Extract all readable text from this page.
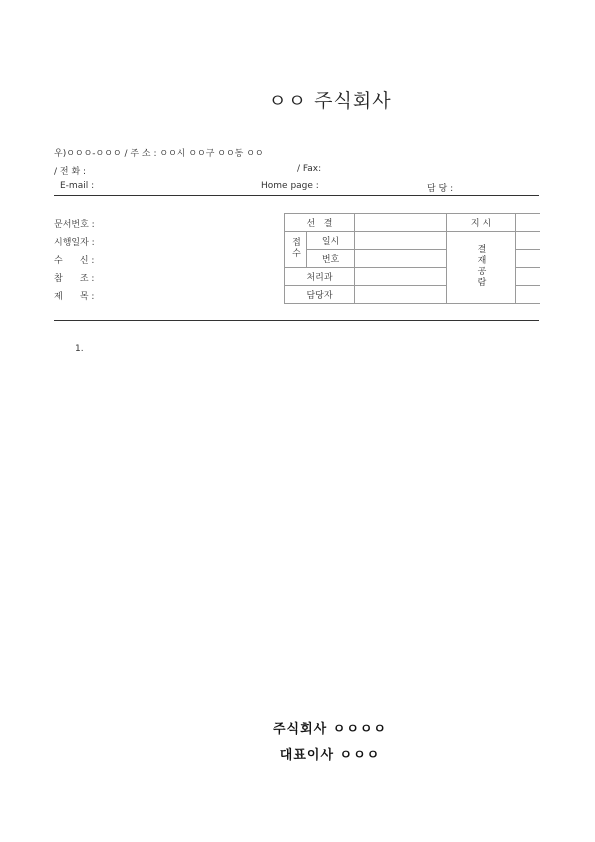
ㅇㅇ 주식회사
우)ㅇㅇㅇ-ㅇㅇㅇ / 주 소 : ㅇㅇ시 ㅇㅇ구 ㅇㅇ동 ㅇㅇ
/ 전 화 :	/ Fax:
E-mail :	Home page :	담 당 :
문서번호 :
시행일자 :
수      신 :
참      조 :
제      목 :
선   결			지 시	
접수	일시		결재공람	
	번호			
처리과				
담당자				
1.
주식회사 ㅇㅇㅇㅇ
대표이사 ㅇㅇㅇ
